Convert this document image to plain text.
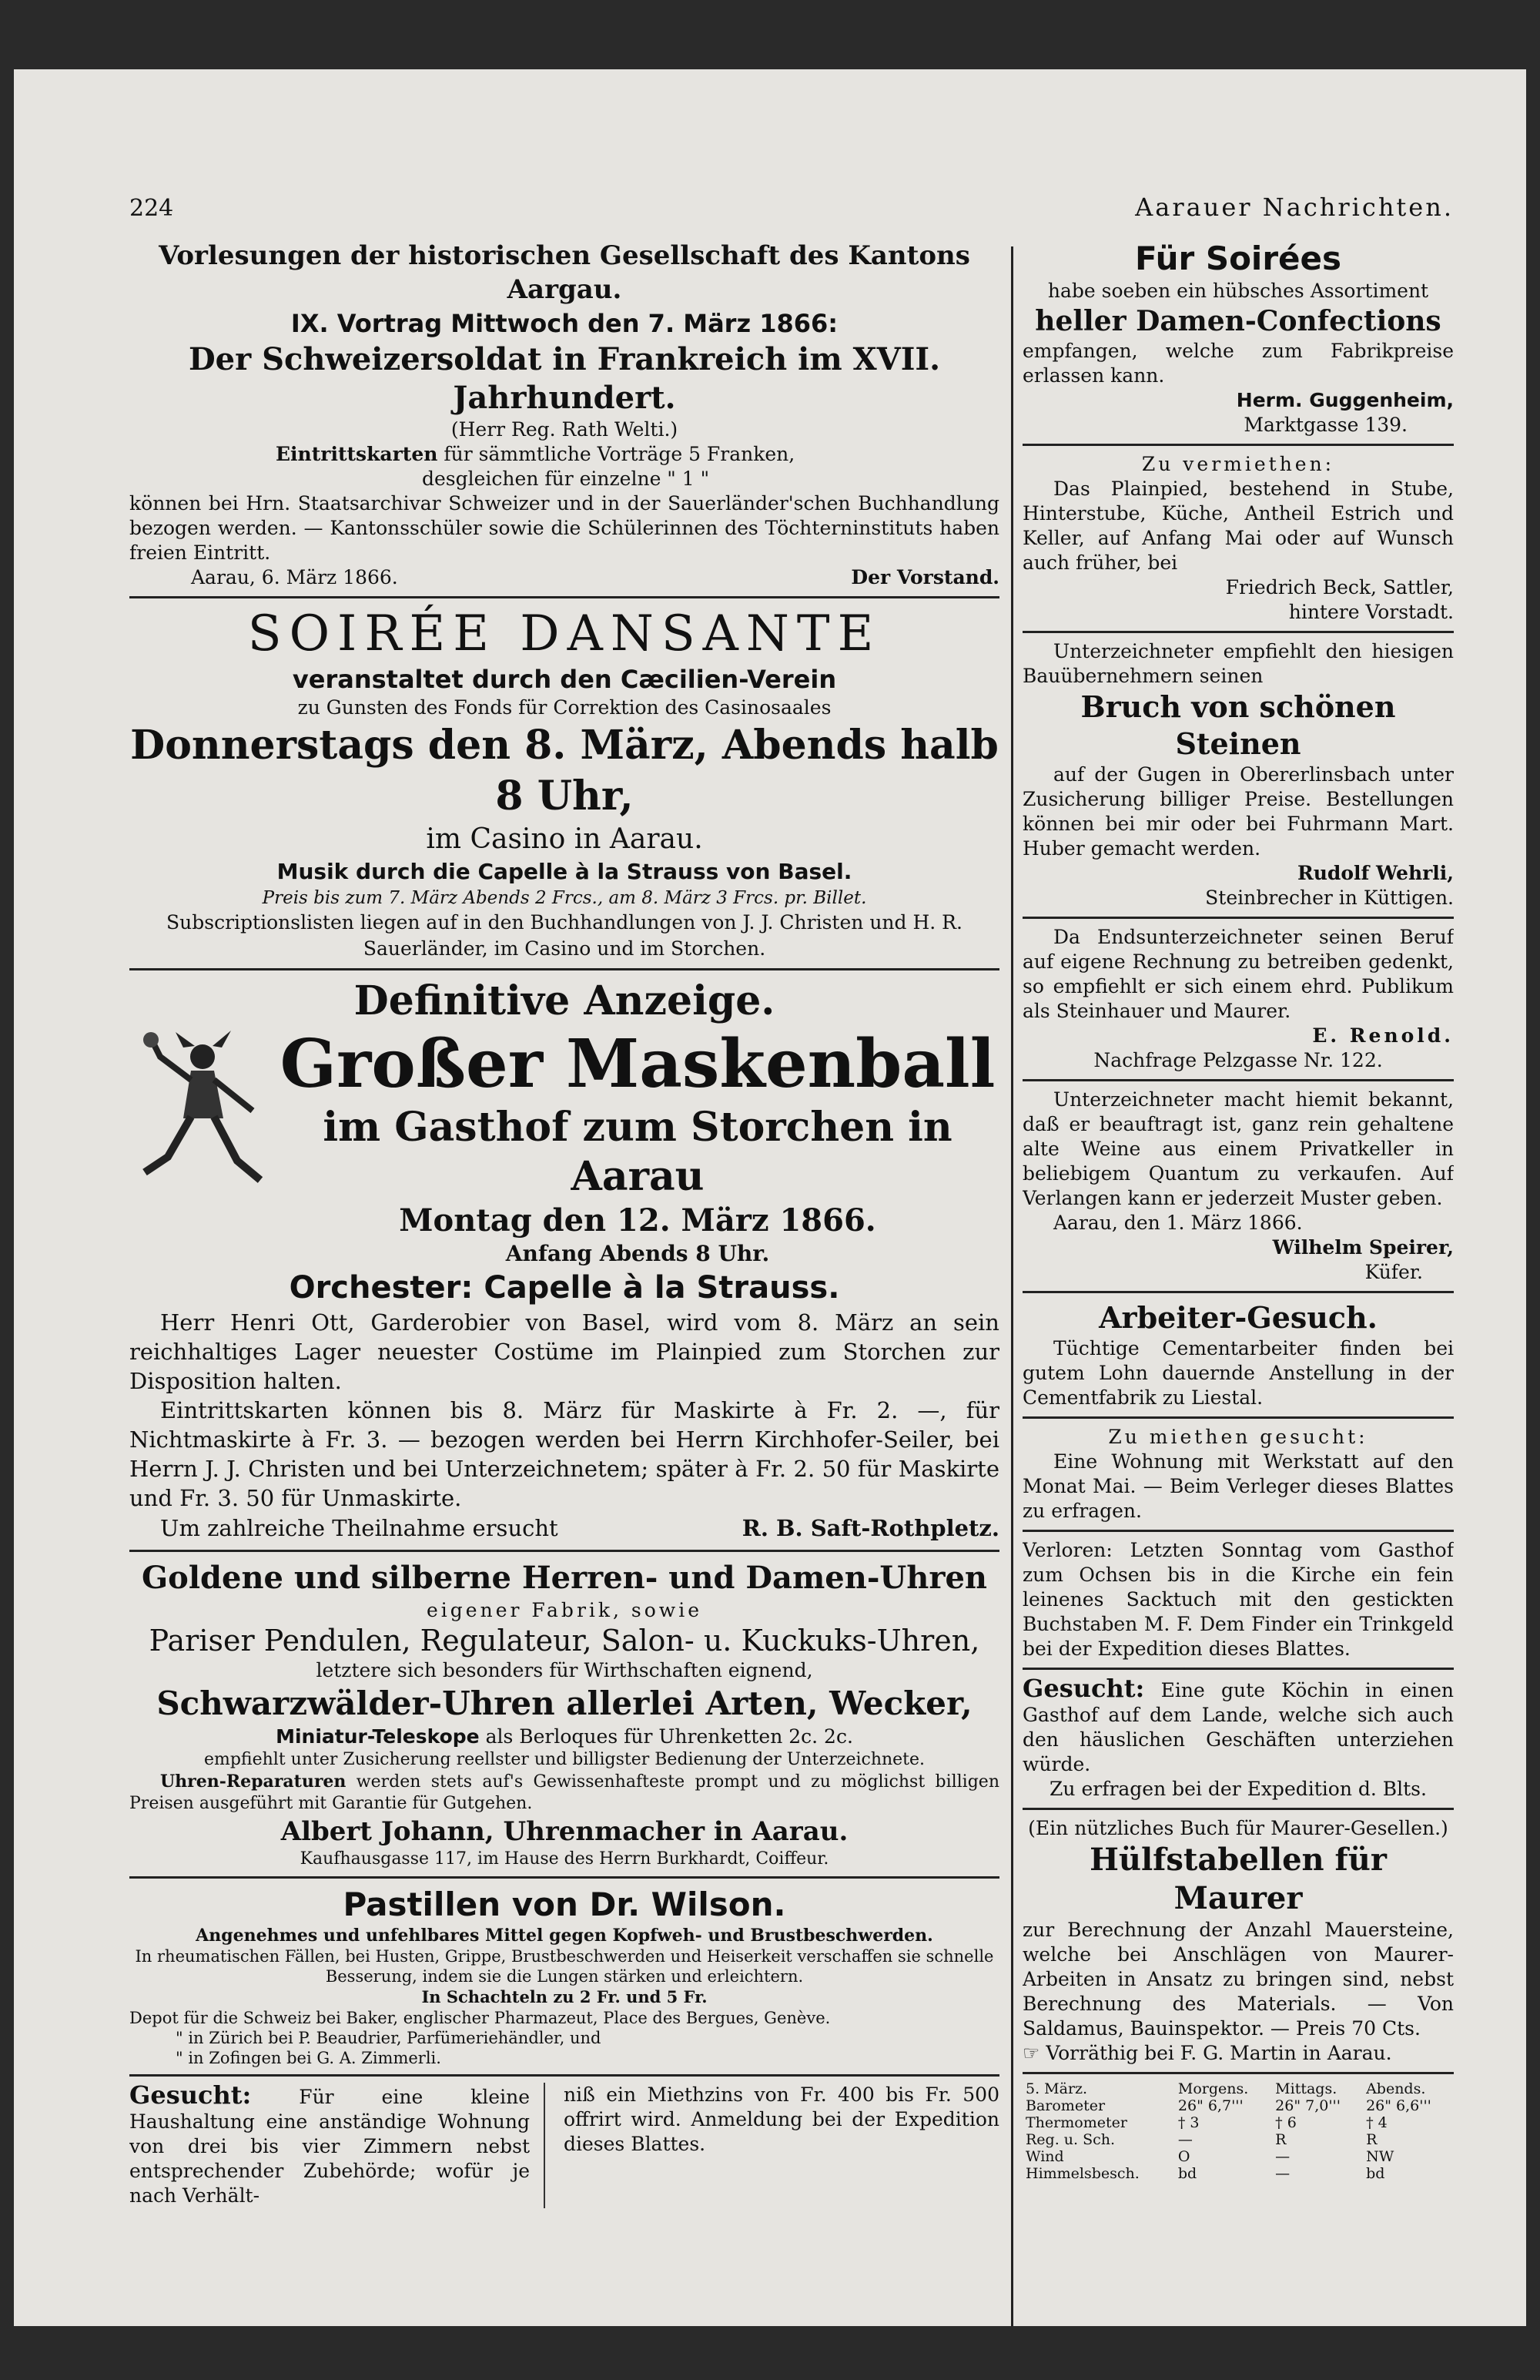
224	Aarauer Nachrichten.

Vorlesungen der historischen Gesellschaft des Kantons Aargau.

IX. Vortrag Mittwoch den 7. März 1866:

Der Schweizersoldat in Frankreich im XVII. Jahrhundert.

(Herr Reg. Rath Welti.)

Eintrittskarten für sämmtliche Vorträge 5 Franken,

desgleichen für einzelne " 1 "

können bei Hrn. Staatsarchivar Schweizer und in der Sauerländer'schen Buchhandlung bezogen werden. — Kantonsschüler sowie die Schülerinnen des Töchterninstituts haben freien Eintritt.

Aarau, 6. März 1866.	Der Vorstand.

SOIRÉE DANSANTE

veranstaltet durch den Cæcilien-Verein

zu Gunsten des Fonds für Correktion des Casinosaales

Donnerstags den 8. März, Abends halb 8 Uhr,

im Casino in Aarau.

Musik durch die Capelle à la Strauss von Basel.

Preis bis zum 7. März Abends 2 Frcs., am 8. März 3 Frcs. pr. Billet.

Subscriptionslisten liegen auf in den Buchhandlungen von J. J. Christen und H. R. Sauerländer, im Casino und im Storchen.

Definitive Anzeige.

Großer Maskenball

im Gasthof zum Storchen in Aarau

Montag den 12. März 1866.

Anfang Abends 8 Uhr.

Orchester: Capelle à la Strauss.

Herr Henri Ott, Garderobier von Basel, wird vom 8. März an sein reichhaltiges Lager neuester Costüme im Plainpied zum Storchen zur Disposition halten.

Eintrittskarten können bis 8. März für Maskirte à Fr. 2. —, für Nichtmaskirte à Fr. 3. — bezogen werden bei Herrn Kirchhofer-Seiler, bei Herrn J. J. Christen und bei Unterzeichnetem; später à Fr. 2. 50 für Maskirte und Fr. 3. 50 für Unmaskirte.

Um zahlreiche Theilnahme ersucht	R. B. Saft-Rothpletz.

Goldene und silberne Herren- und Damen-Uhren

eigener Fabrik, sowie

Pariser Pendulen, Regulateur, Salon- u. Kuckuks-Uhren,

letztere sich besonders für Wirthschaften eignend,

Schwarzwälder-Uhren allerlei Arten, Wecker,

Miniatur-Teleskope als Berloques für Uhrenketten 2c. 2c.

empfiehlt unter Zusicherung reellster und billigster Bedienung der Unterzeichnete.

Uhren-Reparaturen werden stets auf's Gewissenhafteste prompt und zu möglichst billigen Preisen ausgeführt mit Garantie für Gutgehen.

Albert Johann, Uhrenmacher in Aarau.

Kaufhausgasse 117, im Hause des Herrn Burkhardt, Coiffeur.

Pastillen von Dr. Wilson.

Angenehmes und unfehlbares Mittel gegen Kopfweh- und Brustbeschwerden.

In rheumatischen Fällen, bei Husten, Grippe, Brustbeschwerden und Heiserkeit verschaffen sie schnelle Besserung, indem sie die Lungen stärken und erleichtern.

In Schachteln zu 2 Fr. und 5 Fr.

Depot für die Schweiz bei Baker, englischer Pharmazeut, Place des Bergues, Genève.

" in Zürich bei P. Beaudrier, Parfümeriehändler, und

" in Zofingen bei G. A. Zimmerli.

Gesucht: Für eine kleine Haushaltung eine anständige Wohnung von drei bis vier Zimmern nebst entsprechender Zubehörde; wofür je nach Verhält-

niß ein Miethzins von Fr. 400 bis Fr. 500 offrirt wird. Anmeldung bei der Expedition dieses Blattes.

Für Soirées

habe soeben ein hübsches Assortiment

heller Damen-Confections

empfangen, welche zum Fabrikpreise erlassen kann.

Herm. Guggenheim,

Marktgasse 139.

Zu vermiethen:

Das Plainpied, bestehend in Stube, Hinterstube, Küche, Antheil Estrich und Keller, auf Anfang Mai oder auf Wunsch auch früher, bei

Friedrich Beck, Sattler,

hintere Vorstadt.

Unterzeichneter empfiehlt den hiesigen Bauübernehmern seinen

Bruch von schönen Steinen

auf der Gugen in Obererlinsbach unter Zusicherung billiger Preise. Bestellungen können bei mir oder bei Fuhrmann Mart. Huber gemacht werden.

Rudolf Wehrli,

Steinbrecher in Küttigen.

Da Endsunterzeichneter seinen Beruf auf eigene Rechnung zu betreiben gedenkt, so empfiehlt er sich einem ehrd. Publikum als Steinhauer und Maurer.

E. Renold.

Nachfrage Pelzgasse Nr. 122.

Unterzeichneter macht hiemit bekannt, daß er beauftragt ist, ganz rein gehaltene alte Weine aus einem Privatkeller in beliebigem Quantum zu verkaufen. Auf Verlangen kann er jederzeit Muster geben.

Aarau, den 1. März 1866.

Wilhelm Speirer,

Küfer.

Arbeiter-Gesuch.

Tüchtige Cementarbeiter finden bei gutem Lohn dauernde Anstellung in der Cementfabrik zu Liestal.

Zu miethen gesucht:

Eine Wohnung mit Werkstatt auf den Monat Mai. — Beim Verleger dieses Blattes zu erfragen.

Verloren: Letzten Sonntag vom Gasthof zum Ochsen bis in die Kirche ein fein leinenes Sacktuch mit den gestickten Buchstaben M. F. Dem Finder ein Trinkgeld bei der Expedition dieses Blattes.

Gesucht: Eine gute Köchin in einen Gasthof auf dem Lande, welche sich auch den häuslichen Geschäften unterziehen würde.

Zu erfragen bei der Expedition d. Blts.

(Ein nützliches Buch für Maurer-Gesellen.)

Hülfstabellen für Maurer

zur Berechnung der Anzahl Mauersteine, welche bei Anschlägen von Maurer-Arbeiten in Ansatz zu bringen sind, nebst Berechnung des Materials. — Von Saldamus, Bauinspektor. — Preis 70 Cts.

☞ Vorräthig bei F. G. Martin in Aarau.

5. März.	Morgens.	Mittags.	Abends.
Barometer	26" 6,7'''	26" 7,0'''	26" 6,6'''
Thermometer	† 3	† 6	† 4
Reg. u. Sch.	—	R	R
Wind	O	—	NW
Himmelsbesch.	bd	—	bd
